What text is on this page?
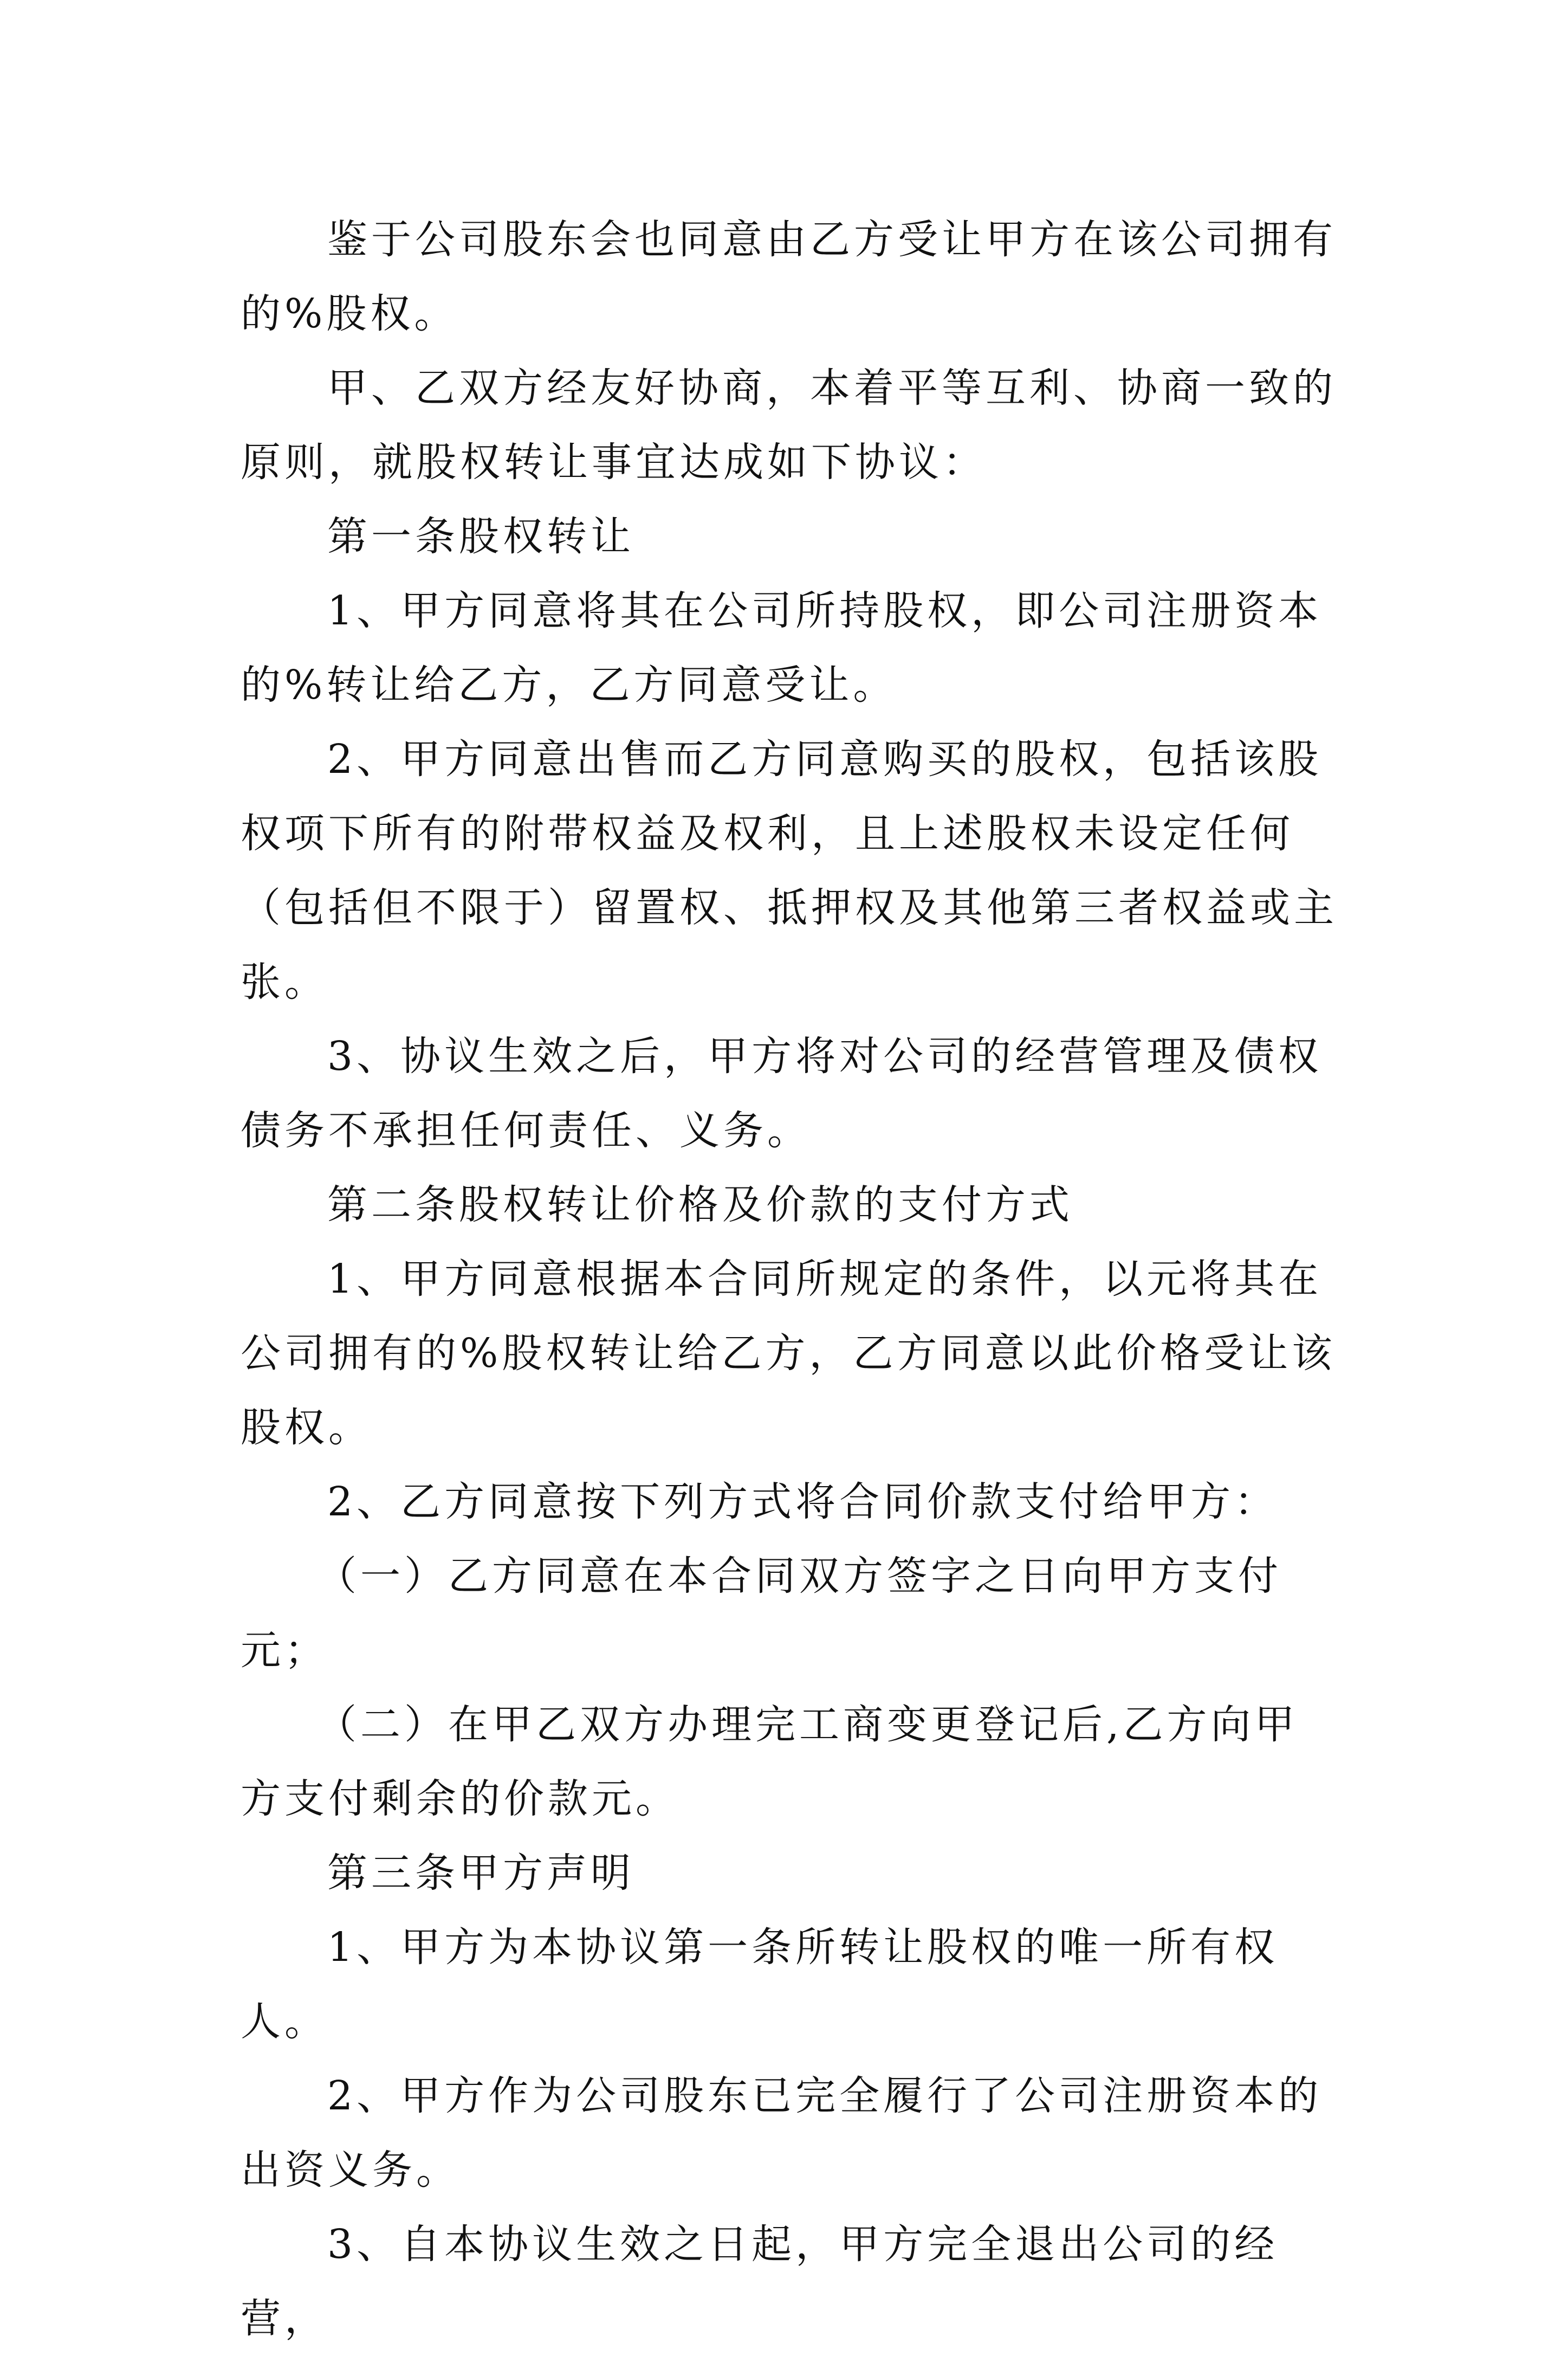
鉴于公司股东会也同意由乙方受让甲方在该公司拥有的%股权。

甲、乙双方经友好协商，本着平等互利、协商一致的原则，就股权转让事宜达成如下协议：

第一条股权转让

1、甲方同意将其在公司所持股权，即公司注册资本的%转让给乙方，乙方同意受让。

2、甲方同意出售而乙方同意购买的股权，包括该股权项下所有的附带权益及权利，且上述股权未设定任何（包括但不限于）留置权、抵押权及其他第三者权益或主张。

3、协议生效之后，甲方将对公司的经营管理及债权债务不承担任何责任、义务。

第二条股权转让价格及价款的支付方式

1、甲方同意根据本合同所规定的条件，以元将其在公司拥有的%股权转让给乙方，乙方同意以此价格受让该股权。

2、乙方同意按下列方式将合同价款支付给甲方：

（一）乙方同意在本合同双方签字之日向甲方支付元；

（二）在甲乙双方办理完工商变更登记后,乙方向甲方支付剩余的价款元。

第三条甲方声明

1、甲方为本协议第一条所转让股权的唯一所有权人。

2、甲方作为公司股东已完全履行了公司注册资本的出资义务。

3、自本协议生效之日起，甲方完全退出公司的经营，
